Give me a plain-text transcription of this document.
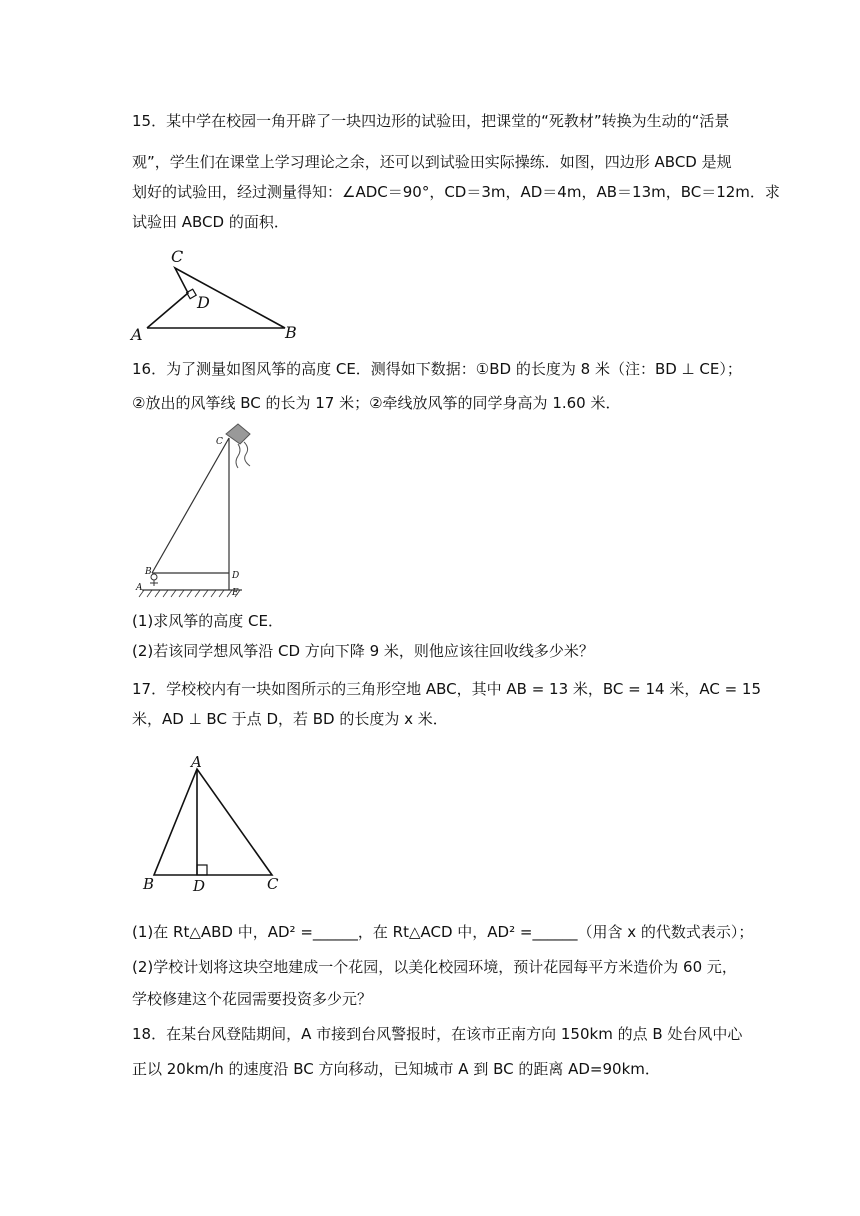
15．某中学在校园一角开辟了一块四边形的试验田，把课堂的“死教材”转换为生动的“活景
观”，学生们在课堂上学习理论之余，还可以到试验田实际操练．如图，四边形 ABCD 是规
划好的试验田，经过测量得知：∠ADC＝90°，CD＝3m，AD＝4m，AB＝13m，BC＝12m．求
试验田 ABCD 的面积．
C
D
A	B
16．为了测量如图风筝的高度 CE．测得如下数据：①BD 的长度为 8 米（注：BD ⊥ CE）；
②放出的风筝线 BC 的长为 17 米；②牵线放风筝的同学身高为 1.60 米．
C
B	D
A	E
(1)求风筝的高度 CE．
(2)若该同学想风筝沿 CD 方向下降 9 米，则他应该往回收线多少米？
17．学校校内有一块如图所示的三角形空地 ABC，其中 AB = 13 米，BC = 14 米，AC = 15
米，AD ⊥ BC 于点 D，若 BD 的长度为 x 米．
A
B	D	C
(1)在 Rt△ABD 中，AD² =______，在 Rt△ACD 中，AD² =______（用含 x 的代数式表示）；
(2)学校计划将这块空地建成一个花园，以美化校园环境，预计花园每平方米造价为 60 元，
学校修建这个花园需要投资多少元？
18．在某台风登陆期间，A 市接到台风警报时，在该市正南方向 150km 的点 B 处台风中心
正以 20km/h 的速度沿 BC 方向移动，已知城市 A 到 BC 的距离 AD=90km．
